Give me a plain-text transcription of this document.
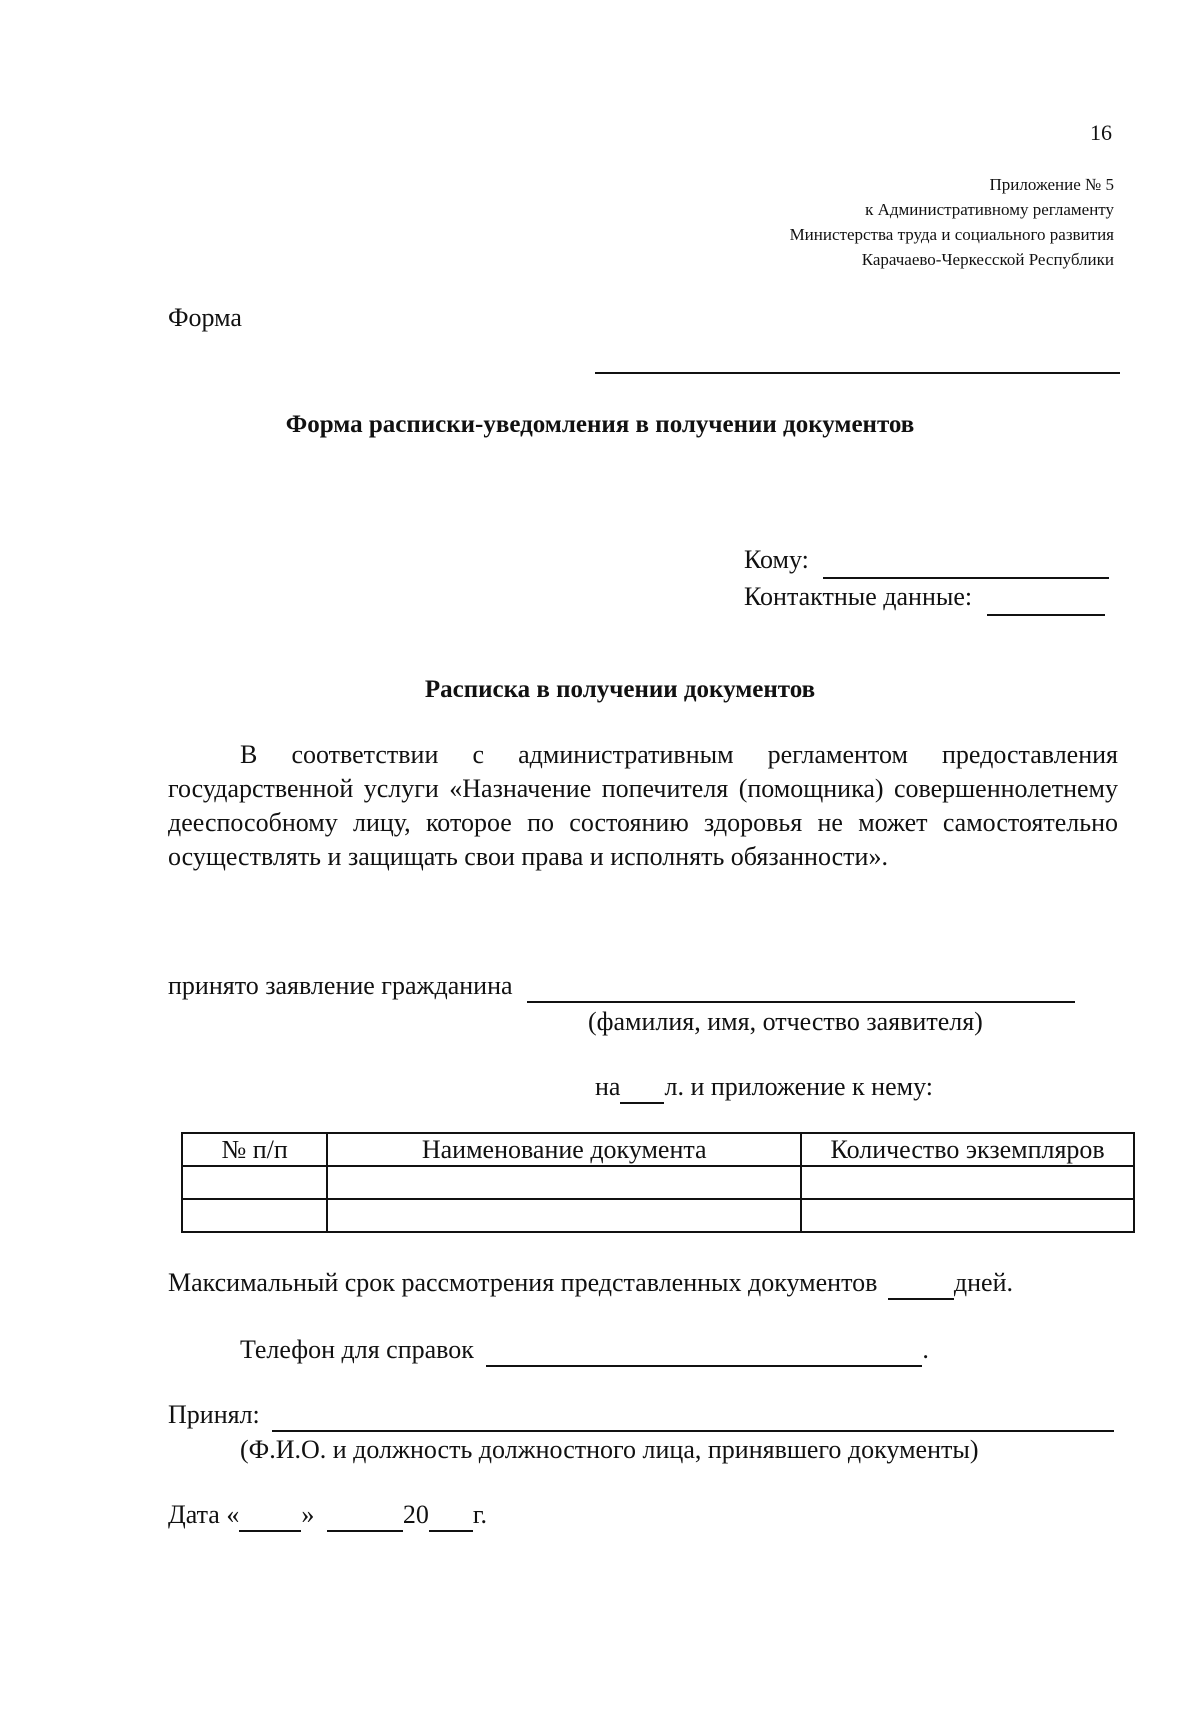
16
Приложение № 5
к Административному регламенту
Министерства труда и социального развития
Карачаево-Черкесской Республики
Форма
Форма расписки-уведомления в получении документов
Кому:
Контактные данные:
Расписка в получении документов
В соответствии с административным регламентом предоставления государственной услуги «Назначение попечителя (помощника) совершеннолетнему дееспособному лицу, которое по состоянию здоровья не может самостоятельно осуществлять и защищать свои права и исполнять обязанности».
принято заявление гражданина
(фамилия, имя, отчество заявителя)
на л. и приложение к нему:
№ п/п	Наименование документа	Количество экземпляров

Максимальный срок рассмотрения представленных документов	дней.
Телефон для справок	.
Принял:
(Ф.И.О. и должность должностного лица, принявшего документы)
Дата « »	20 г.
